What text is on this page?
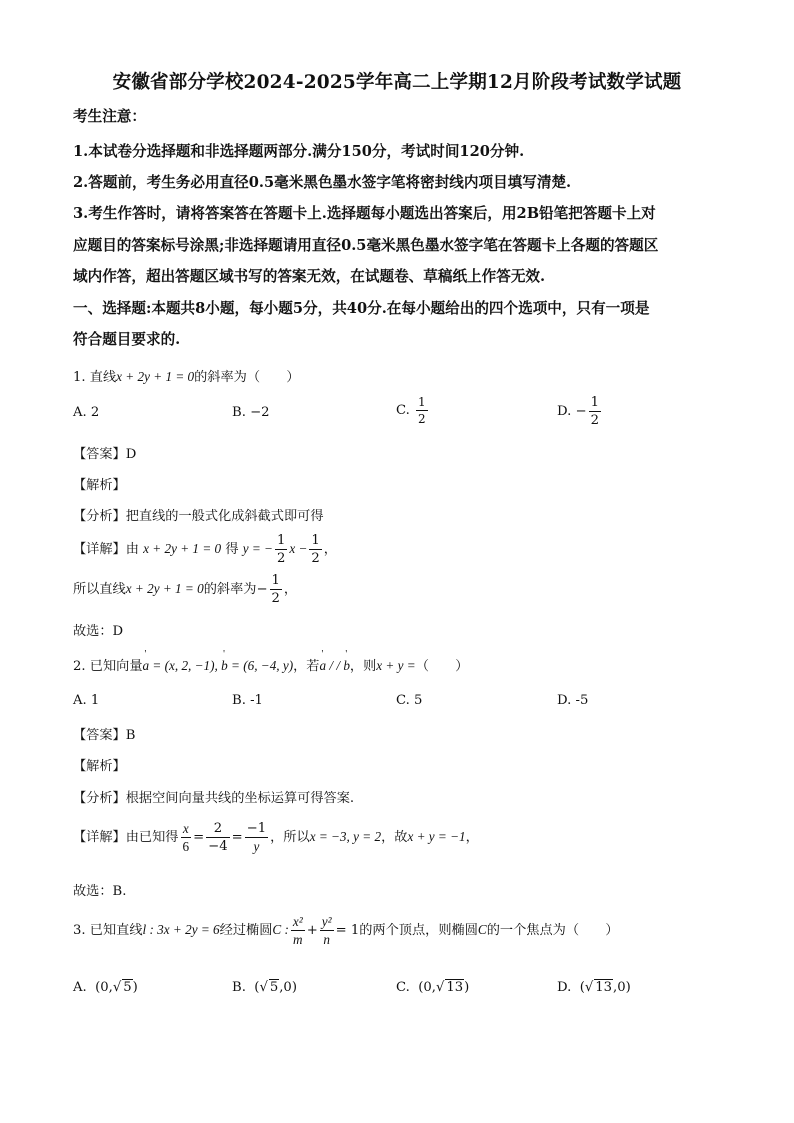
安徽省部分学校2024-2025学年高二上学期12月阶段考试数学试题
考生注意：
1.本试卷分选择题和非选择题两部分.满分150分，考试时间120分钟.
2.答题前，考生务必用直径0.5毫米黑色墨水签字笔将密封线内项目填写清楚.
3.考生作答时，请将答案答在答题卡上.选择题每小题选出答案后，用2B铅笔把答题卡上对
应题目的答案标号涂黑;非选择题请用直径0.5毫米黑色墨水签字笔在答题卡上各题的答题区
域内作答，超出答题区域书写的答案无效，在试题卷、草稿纸上作答无效.
一、选择题:本题共8小题，每小题5分，共40分.在每小题给出的四个选项中，只有一项是
符合题目要求的.
1. 直线x + 2y + 1 = 0的斜率为（　　）
A. 2	B. −2	C. $\frac{1}{2}$	D. − $\frac{1}{2}$
【答案】D
【解析】
【分析】把直线的一般式化成斜截式即可得
【详解】由 x + 2y + 1 = 0 得 y = − $\frac{1}{2}$ $x - \frac{1}{2}$ ，
所以直线x + 2y + 1 = 0的斜率为− $\frac{1}{2}$ ，
故选：D
2. 已知向量' a = (x, 2, −1), ' b = (6, −4, y)，若' a / / ' b，则x + y =（　　）
A. 1	B. -1	C. 5	D. -5
【答案】B
【解析】
【分析】根据空间向量共线的坐标运算可得答案.
【详解】由已知得 $\frac{x}{6} = \frac{2}{-4} = \frac{-1}{y}$ ，所以x = −3, y = 2，故x + y = −1，
故选：B.
3. 已知直线l : 3x + 2y = 6经过椭圆C : $\frac{\text{x²}}{m} + \frac{\text{y²}}{n} = 1$的两个顶点，则椭圆C的一个焦点为（　　）
A. (0,√ 5)	B. (√ 5,0)	C. (0,√ 13)	D. (√ 13,0)
